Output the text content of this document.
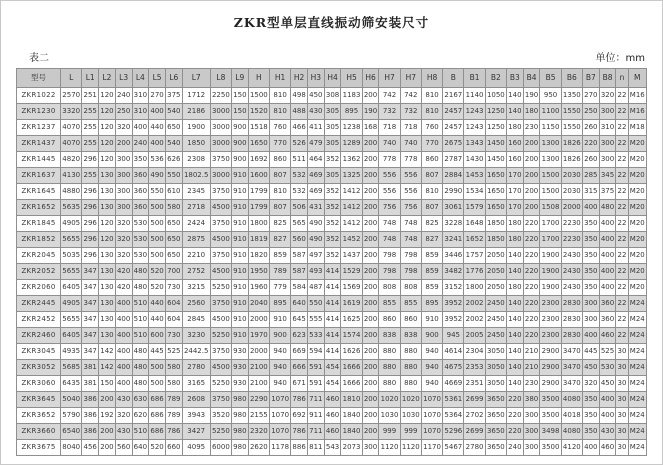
ZKR型单层直线振动筛安装尺寸
表二	单位：mm
型号	L	L1	L2	L3	L4	L5	L6	L7	L8	L9	H	H1	H2	H3	H4	H5	H6	H7	H7	H8	B	B1	B2	B3	B4	B5	B6	B7	B8	n	M
ZKR1022	2570	251	120	240	310	270	375	1712	2250	150	1500	810	498	450	308	1183	200	742	742	810	2167	1140	1050	140	190	950	1350	270	320	22	M16
ZKR1230	3320	255	120	250	310	400	540	2186	3000	150	1520	810	488	430	305	895	190	732	732	810	2457	1243	1250	140	180	1100	1550	250	300	22	M16
ZKR1237	4070	255	120	320	400	440	650	1900	3000	900	1518	760	466	411	305	1238	168	718	718	760	2457	1243	1250	180	230	1150	1550	260	310	22	M18
ZKR1437	4070	255	120	200	240	400	540	1850	3000	900	1650	770	526	479	305	1289	200	740	740	770	2675	1343	1450	160	200	1300	1826	220	300	22	M20
ZKR1445	4820	296	120	300	350	536	626	2308	3750	900	1692	860	511	464	352	1362	200	778	778	860	2787	1430	1450	160	200	1300	1826	260	300	22	M20
ZKR1637	4130	255	130	300	360	490	550	1802.5	3000	910	1600	807	532	469	305	1325	200	556	556	807	2884	1453	1650	170	200	1500	2030	285	345	22	M20
ZKR1645	4880	296	130	300	360	550	610	2345	3750	910	1799	810	532	469	352	1412	200	556	556	810	2990	1534	1650	170	200	1500	2030	315	375	22	M20
ZKR1652	5635	296	130	300	360	500	580	2718	4500	910	1799	807	506	431	352	1412	200	756	756	807	3061	1579	1650	170	200	1508	2000	400	480	22	M20
ZKR1845	4905	296	120	320	530	500	650	2424	3750	910	1800	825	565	490	352	1412	200	748	748	825	3228	1648	1850	180	220	1700	2230	350	400	22	M20
ZKR1852	5655	296	120	320	530	500	650	2875	4500	910	1819	827	560	490	352	1452	200	748	748	827	3241	1652	1850	180	220	1700	2230	350	400	22	M20
ZKR2045	5035	296	130	320	530	500	650	2210	3750	910	1820	859	587	497	352	1437	200	798	798	859	3446	1757	2050	140	220	1900	2430	350	400	22	M20
ZKR2052	5655	347	130	420	480	520	700	2752	4500	910	1950	789	587	493	414	1529	200	798	798	859	3482	1776	2050	140	220	1900	2430	350	400	22	M20
ZKR2060	6405	347	130	420	480	520	730	3215	5250	910	1960	779	584	487	414	1569	200	808	808	859	3152	1800	2050	180	220	1900	2430	350	400	22	M20
ZKR2445	4905	347	130	400	510	440	604	2560	3750	910	2040	895	640	550	414	1619	200	855	855	895	3952	2002	2450	140	220	2300	2830	300	360	22	M24
ZKR2452	5655	347	130	400	510	440	604	2845	4500	910	2000	910	645	555	414	1625	200	860	860	910	3952	2002	2450	140	220	2300	2830	300	360	22	M24
ZKR2460	6405	347	130	400	510	600	730	3230	5250	910	1970	900	623	533	414	1574	200	838	838	900	945	2005	2450	140	220	2300	2830	400	460	22	M24
ZKR3045	4935	347	142	400	480	445	525	2442.5	3750	930	2000	940	669	594	414	1626	200	880	880	940	4614	2304	3050	140	210	2900	3470	445	525	30	M24
ZKR3052	5685	381	142	400	480	500	580	2780	4500	930	2100	940	666	591	454	1666	200	880	880	940	4675	2353	3050	140	210	2900	3470	450	530	30	M24
ZKR3060	6435	381	150	400	480	500	580	3165	5250	930	2100	940	671	591	454	1666	200	880	880	940	4669	2351	3050	140	230	2900	3470	320	450	30	M24
ZKR3645	5040	386	200	430	630	686	789	2608	3750	980	2290	1070	786	711	460	1810	200	1020	1020	1070	5361	2699	3650	220	380	3500	4080	350	400	30	M24
ZKR3652	5790	386	192	320	620	686	789	3943	3520	980	2155	1070	692	911	460	1840	200	1030	1030	1070	5364	2702	3650	220	300	3500	4018	350	400	30	M24
ZKR3660	6540	386	200	430	510	686	786	3427	5250	980	2320	1070	786	711	460	1840	200	999	999	1070	5296	2699	3650	220	300	3498	4080	350	430	30	M24
ZKR3675	8040	456	200	560	640	520	660	4095	6000	980	2620	1178	886	811	543	2073	300	1120	1120	1170	5467	2780	3650	240	300	3500	4120	400	460	30	M24
